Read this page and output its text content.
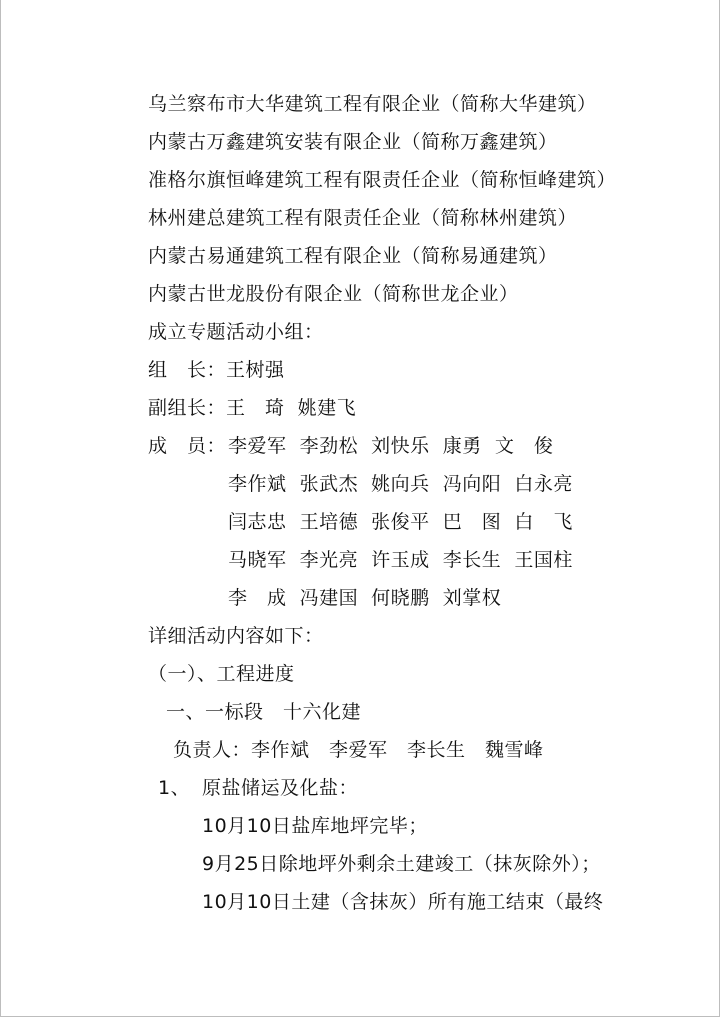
乌兰察布市大华建筑工程有限企业（简称大华建筑）
内蒙古万鑫建筑安装有限企业（简称万鑫建筑）
准格尔旗恒峰建筑工程有限责任企业（简称恒峰建筑）
林州建总建筑工程有限责任企业（简称林州建筑）
内蒙古易通建筑工程有限企业（简称易通建筑）
内蒙古世龙股份有限企业（简称世龙企业）
成立专题活动小组：
组　长：王树强
副组长：王　琦  姚建飞
成　员： 李爱军  李劲松  刘快乐  康勇  文　俊
李作斌  张武杰  姚向兵  冯向阳  白永亮
闫志忠  王培德  张俊平  巴　图  白　飞
马晓军  李光亮  许玉成  李长生  王国柱
李　成  冯建国  何晓鹏  刘掌权
详细活动内容如下：
（一）、工程进度
一、一标段　十六化建
负责人：李作斌　李爱军　李长生　魏雪峰
1、 原盐储运及化盐：
10月10日盐库地坪完毕；
9月25日除地坪外剩余土建竣工（抹灰除外）；
10月10日土建（含抹灰）所有施工结束（最终
